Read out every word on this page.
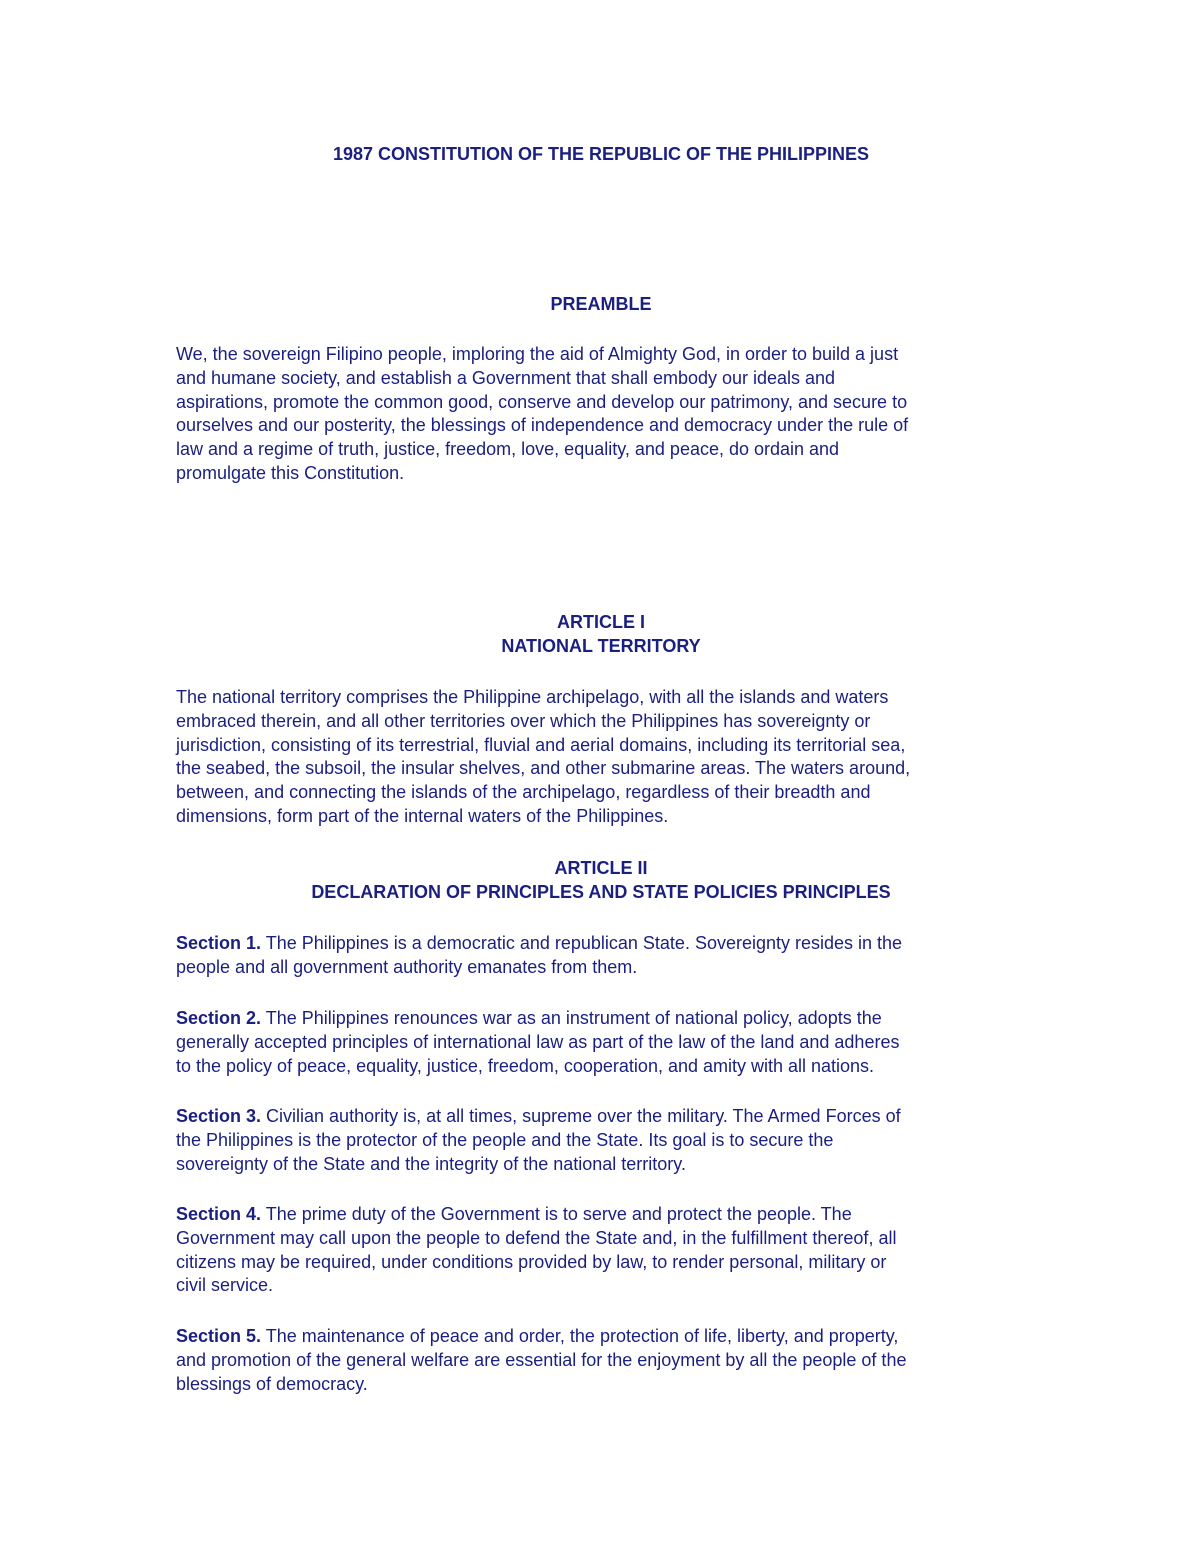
1987 CONSTITUTION OF THE REPUBLIC OF THE PHILIPPINES
PREAMBLE

We, the sovereign Filipino people, imploring the aid of Almighty God, in order to build a just
and humane society, and establish a Government that shall embody our ideals and
aspirations, promote the common good, conserve and develop our patrimony, and secure to
ourselves and our posterity, the blessings of independence and democracy under the rule of
law and a regime of truth, justice, freedom, love, equality, and peace, do ordain and
promulgate this Constitution.

ARTICLE I
NATIONAL TERRITORY

The national territory comprises the Philippine archipelago, with all the islands and waters
embraced therein, and all other territories over which the Philippines has sovereignty or
jurisdiction, consisting of its terrestrial, fluvial and aerial domains, including its territorial sea,
the seabed, the subsoil, the insular shelves, and other submarine areas. The waters around,
between, and connecting the islands of the archipelago, regardless of their breadth and
dimensions, form part of the internal waters of the Philippines.

ARTICLE II
DECLARATION OF PRINCIPLES AND STATE POLICIES PRINCIPLES

Section 1. The Philippines is a democratic and republican State. Sovereignty resides in the
people and all government authority emanates from them.

Section 2. The Philippines renounces war as an instrument of national policy, adopts the
generally accepted principles of international law as part of the law of the land and adheres
to the policy of peace, equality, justice, freedom, cooperation, and amity with all nations.

Section 3. Civilian authority is, at all times, supreme over the military. The Armed Forces of
the Philippines is the protector of the people and the State. Its goal is to secure the
sovereignty of the State and the integrity of the national territory.

Section 4. The prime duty of the Government is to serve and protect the people. The
Government may call upon the people to defend the State and, in the fulfillment thereof, all
citizens may be required, under conditions provided by law, to render personal, military or
civil service.

Section 5. The maintenance of peace and order, the protection of life, liberty, and property,
and promotion of the general welfare are essential for the enjoyment by all the people of the
blessings of democracy.
